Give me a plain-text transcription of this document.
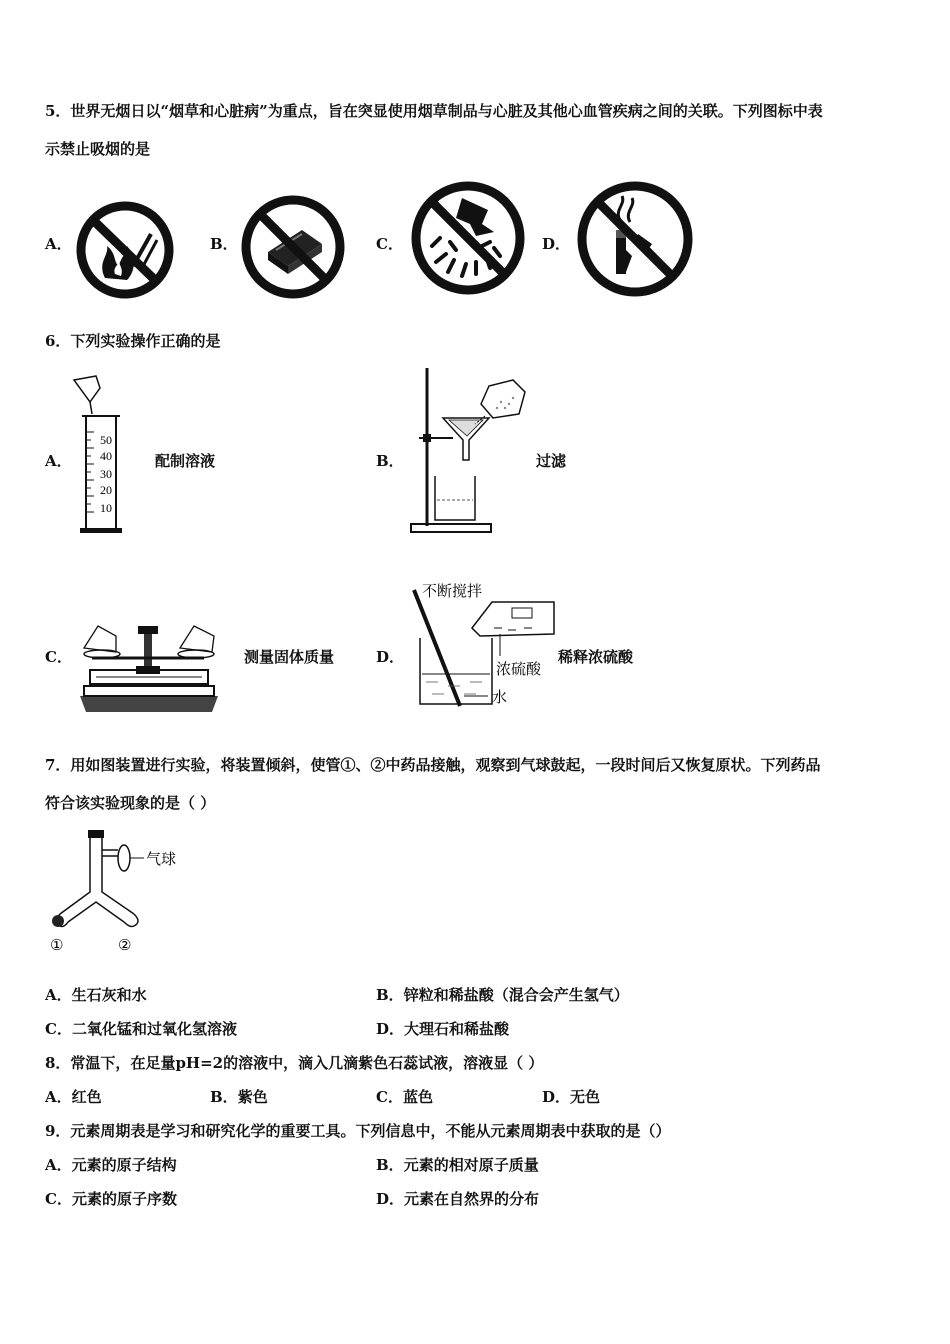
5．世界无烟日以“烟草和心脏病”为重点，旨在突显使用烟草制品与心脏及其他心血管疾病之间的关联。下列图标中表
示禁止吸烟的是
A．	B．	C．	D．
6．下列实验操作正确的是
A．
50
40
30
20
10
配制溶液	B．	过滤
C．	测量固体质量	D．
不断搅拌
浓硫酸
水
稀释浓硫酸
7．用如图装置进行实验，将装置倾斜，使管①、②中药品接触，观察到气球鼓起，一段时间后又恢复原状。下列药品
符合该实验现象的是（ ）
气球
①	②
A．生石灰和水	B．锌粒和稀盐酸（混合会产生氢气）
C．二氧化锰和过氧化氢溶液	D．大理石和稀盐酸
8．常温下，在足量pH=2的溶液中，滴入几滴紫色石蕊试液，溶液显（ ）
A．红色	B．紫色	C．蓝色	D．无色
9．元素周期表是学习和研究化学的重要工具。下列信息中，不能从元素周期表中获取的是（）
A．元素的原子结构	B．元素的相对原子质量
C．元素的原子序数	D．元素在自然界的分布
